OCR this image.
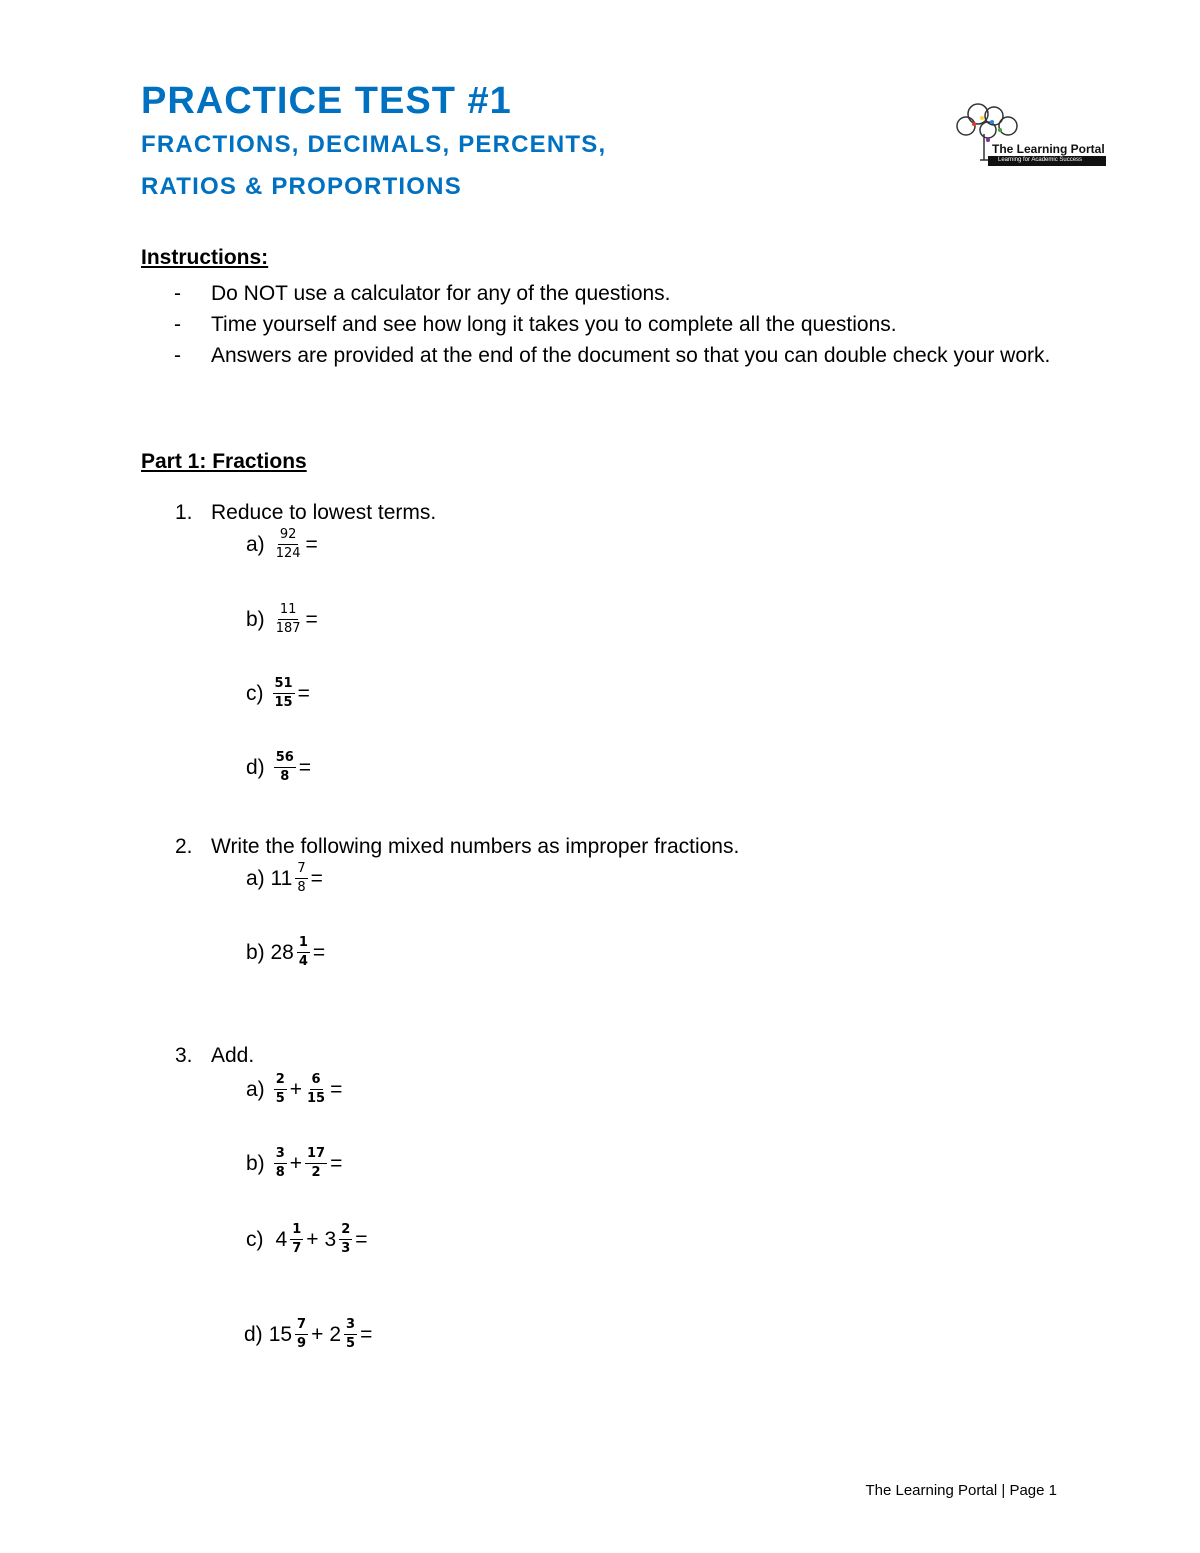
PRACTICE TEST #1
FRACTIONS, DECIMALS, PERCENTS,
RATIOS & PROPORTIONS
The Learning Portal
Learning for Academic Success
Instructions:
- Do NOT use a calculator for any of the questions.
- Time yourself and see how long it takes you to complete all the questions.
- Answers are provided at the end of the document so that you can double check your work.
Part 1: Fractions
1. Reduce to lowest terms.
$a) \frac{92}{124}$ =
$b) \frac{11}{187}$ =
$c) \frac{51}{15}$ =
$d) \frac{56}{8}$ =
2. Write the following mixed numbers as improper fractions.
a) $11 \frac{7}{8}$ =
b) $28 \frac{1}{4}$ =
3. Add.
$a) \frac{2}{5} + \frac{6}{15}$ =
$b) \frac{3}{8} + \frac{17}{2}$ =
c) $4 \frac{1}{7} + 3 \frac{2}{3}$ =
d) $15 \frac{7}{9} + 2 \frac{3}{5}$ =
The Learning Portal | Page 1
